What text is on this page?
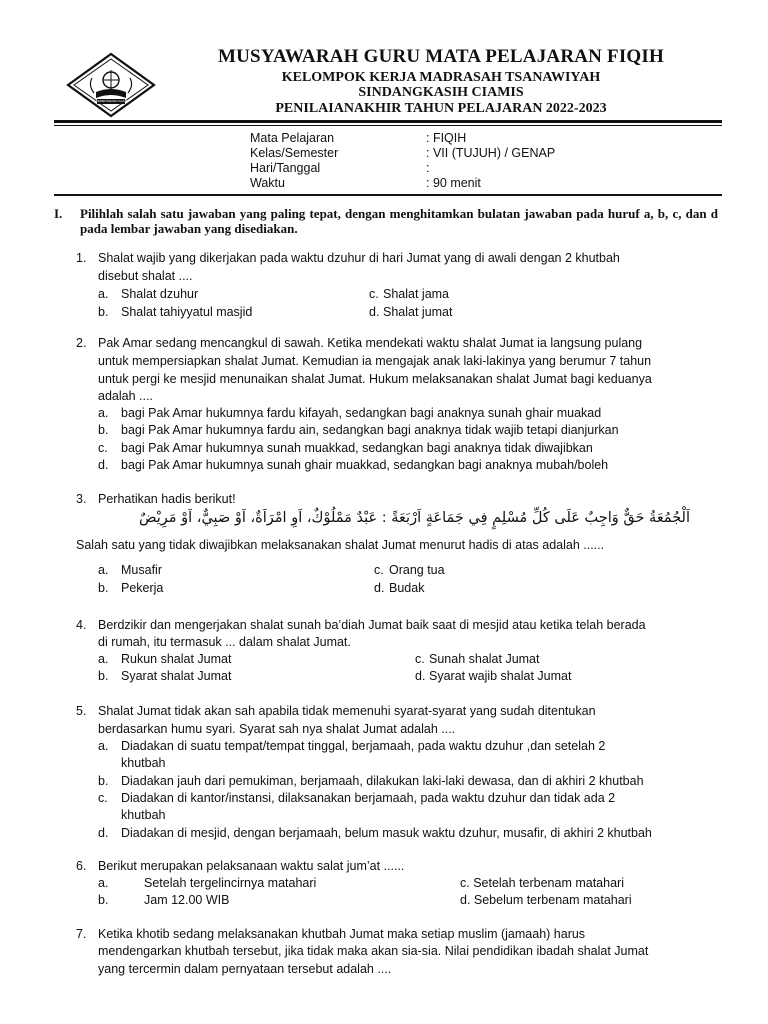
KEMENTERIAN AGAMA
MUSYAWARAH GURU MATA PELAJARAN FIQIH
KELOMPOK KERJA MADRASAH TSANAWIYAH
SINDANGKASIH CIAMIS
PENILAIANAKHIR TAHUN PELAJARAN 2022-2023
Mata Pelajaran	: FIQIH
Kelas/Semester	: VII (TUJUH) / GENAP
Hari/Tanggal	:
Waktu	: 90 menit
I. Pilihlah salah satu jawaban yang paling tepat, dengan menghitamkan bulatan jawaban pada huruf a, b, c, dan d pada lembar jawaban yang disediakan.
1. Shalat wajib yang dikerjakan pada waktu dzuhur di hari Jumat yang di awali dengan 2 khutbah
disebut shalat ....
a. Shalat dzuhur
b. Shalat tahiyyatul masjid
c. Shalat jama
d. Shalat jumat
2. Pak Amar sedang mencangkul di sawah. Ketika mendekati waktu shalat Jumat ia langsung pulang
untuk mempersiapkan shalat Jumat. Kemudian ia mengajak anak laki-lakinya yang berumur 7 tahun
untuk pergi ke mesjid menunaikan shalat Jumat. Hukum melaksanakan shalat Jumat bagi keduanya
adalah ....
a. bagi Pak Amar hukumnya fardu kifayah, sedangkan bagi anaknya sunah ghair muakad
b. bagi Pak Amar hukumnya fardu ain, sedangkan bagi anaknya tidak wajib tetapi dianjurkan
c. bagi Pak Amar hukumnya sunah muakkad, sedangkan bagi anaknya tidak diwajibkan
d. bagi Pak Amar hukumnya sunah ghair muakkad, sedangkan bagi anaknya mubah/boleh
3. Perhatikan hadis berikut!
اَلْجُمُعَةُ حَقٌّ وَاجِبٌ عَلَى كُلِّ مُسْلِمٍ فِي جَمَاعَةٍ اَرْبَعَةً : عَبْدٌ مَمْلُوْكٌ، اَوِ امْرَاَةٌ، اَوْ صَبِيٌّ، اَوْ مَرِيْضٌ
Salah satu yang tidak diwajibkan melaksanakan shalat Jumat menurut hadis di atas adalah ......
a. Musafir
b. Pekerja
c. Orang tua
d. Budak
4. Berdzikir dan mengerjakan shalat sunah ba’diah Jumat baik saat di mesjid atau ketika telah berada
di rumah, itu termasuk ... dalam shalat Jumat.
a. Rukun shalat Jumat
b. Syarat shalat Jumat
c. Sunah shalat Jumat
d. Syarat wajib shalat Jumat
5. Shalat Jumat tidak akan sah apabila tidak memenuhi syarat-syarat yang sudah ditentukan
berdasarkan humu syari. Syarat sah nya shalat Jumat adalah ....
a. Diadakan di suatu tempat/tempat tinggal, berjamaah, pada waktu dzuhur ,dan setelah 2
khutbah
b. Diadakan jauh dari pemukiman, berjamaah, dilakukan laki-laki dewasa, dan di akhiri 2 khutbah
c. Diadakan di kantor/instansi, dilaksanakan berjamaah, pada waktu dzuhur dan tidak ada 2
khutbah
d. Diadakan di mesjid, dengan berjamaah, belum masuk waktu dzuhur, musafir, di akhiri 2 khutbah
6. Berikut merupakan pelaksanaan waktu salat jum’at ......
a.	Setelah tergelincirnya matahari
b.	Jam 12.00 WIB
c. Setelah terbenam matahari
d. Sebelum terbenam matahari
7. Ketika khotib sedang melaksanakan khutbah Jumat maka setiap muslim (jamaah) harus
mendengarkan khutbah tersebut, jika tidak maka akan sia-sia. Nilai pendidikan ibadah shalat Jumat
yang tercermin dalam pernyataan tersebut adalah ....
